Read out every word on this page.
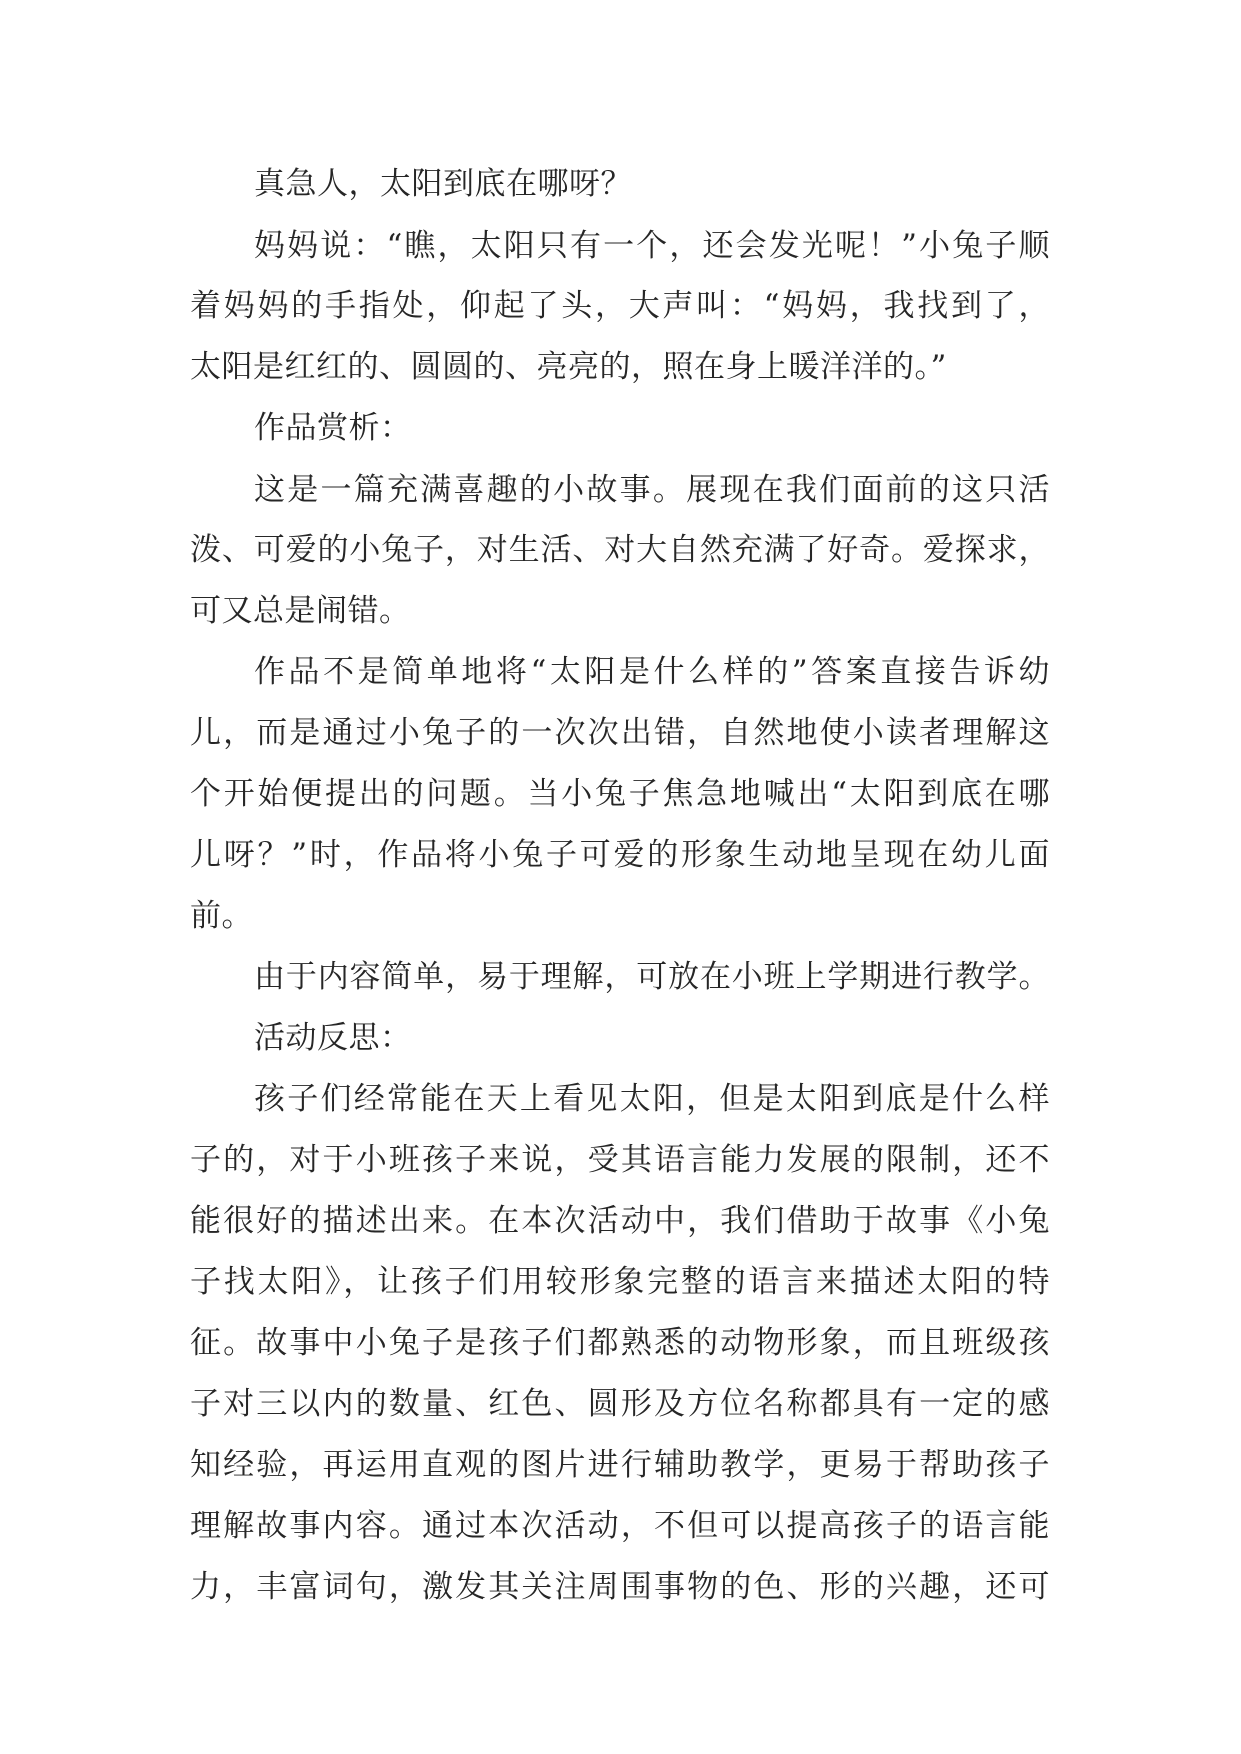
真急人，太阳到底在哪呀？

妈妈说：“瞧，太阳只有一个，还会发光呢！”小兔子顺

着妈妈的手指处，仰起了头，大声叫：“妈妈，我找到了，

太阳是红红的、圆圆的、亮亮的，照在身上暖洋洋的。”

作品赏析：

这是一篇充满喜趣的小故事。展现在我们面前的这只活

泼、可爱的小兔子，对生活、对大自然充满了好奇。爱探求，

可又总是闹错。

作品不是简单地将“太阳是什么样的”答案直接告诉幼

儿，而是通过小兔子的一次次出错，自然地使小读者理解这

个开始便提出的问题。当小兔子焦急地喊出“太阳到底在哪

儿呀？”时，作品将小兔子可爱的形象生动地呈现在幼儿面

前。

由于内容简单，易于理解，可放在小班上学期进行教学。

活动反思：

孩子们经常能在天上看见太阳，但是太阳到底是什么样

子的，对于小班孩子来说，受其语言能力发展的限制，还不

能很好的描述出来。在本次活动中，我们借助于故事《小兔

子找太阳》，让孩子们用较形象完整的语言来描述太阳的特

征。故事中小兔子是孩子们都熟悉的动物形象，而且班级孩

子对三以内的数量、红色、圆形及方位名称都具有一定的感

知经验，再运用直观的图片进行辅助教学，更易于帮助孩子

理解故事内容。通过本次活动，不但可以提高孩子的语言能

力，丰富词句，激发其关注周围事物的色、形的兴趣，还可
